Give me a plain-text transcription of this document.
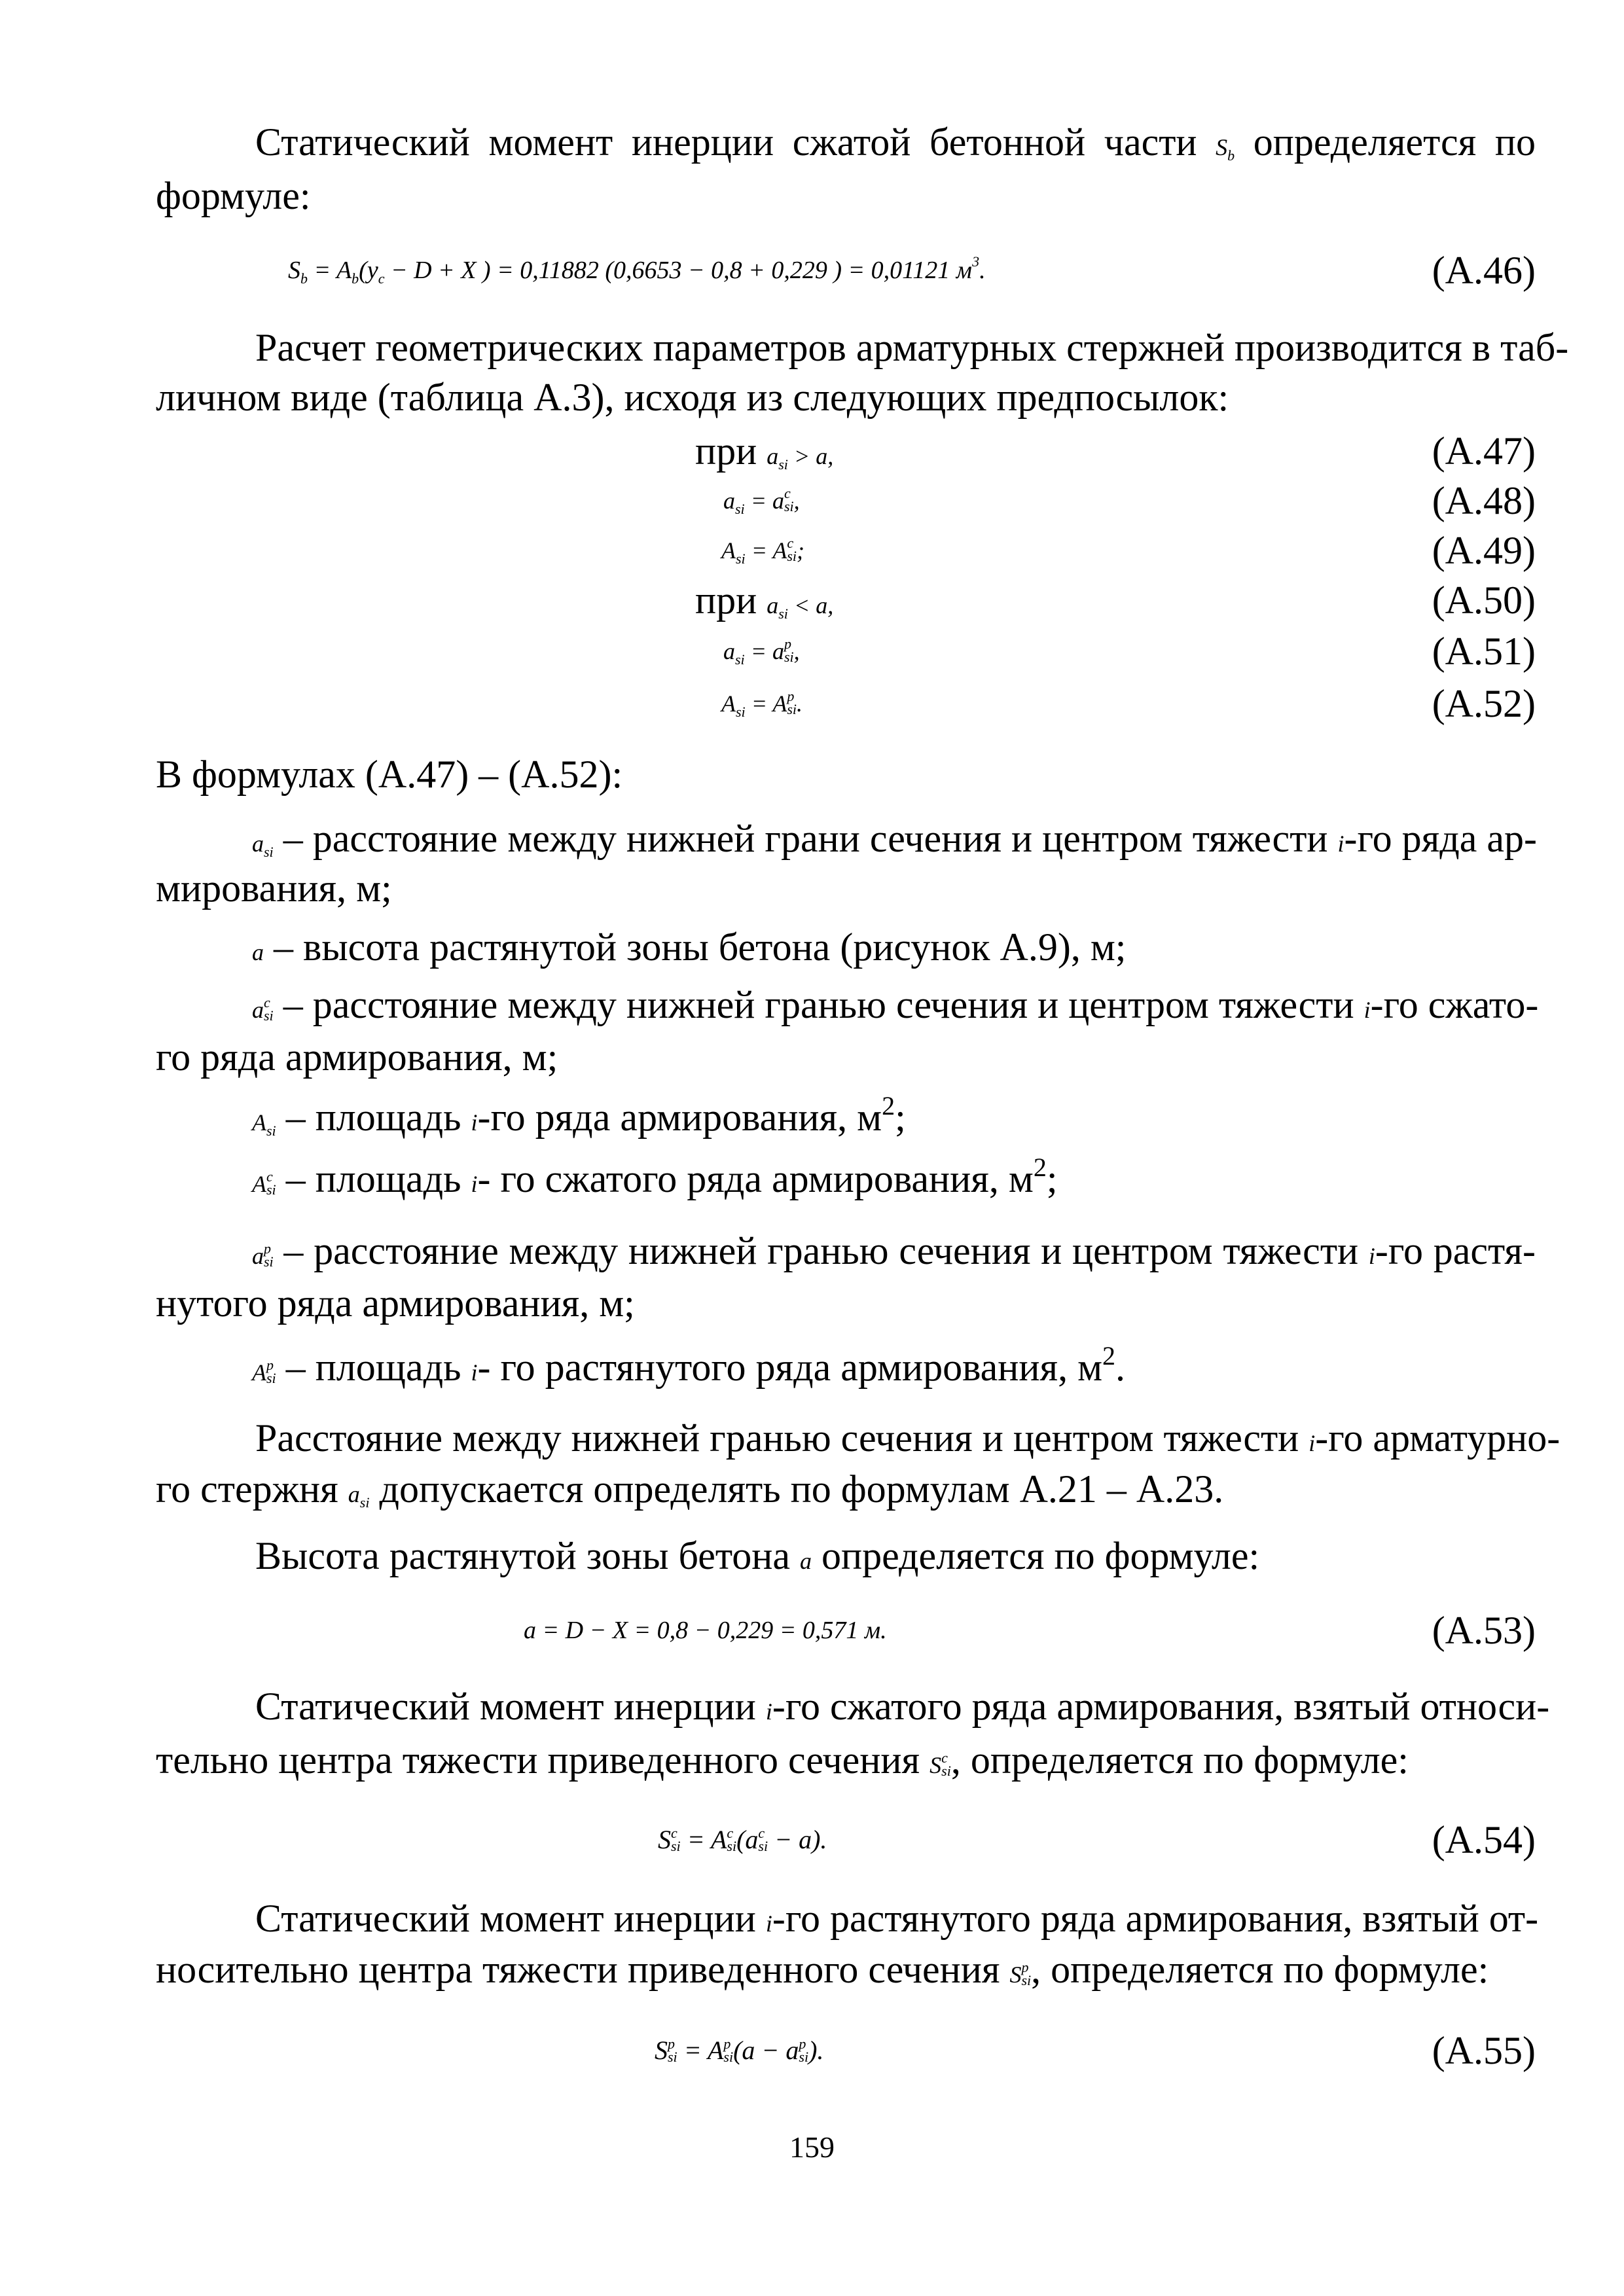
Статический момент инерции сжатой бетонной части $S_b$ определяется по
формуле:
$S_b = A_b(y_c - D + X$ ) = 0,11882 (0,6653 − 0,8 + 0,229 ) = 0,01121 $м^3$.	(А.46)
Расчет геометрических параметров арматурных стержней производится в таб-
личном виде (таблица А.3), исходя из следующих предпосылок:
при $a_{si} > a$,	(А.47)
$a_{si} = a$ c
si ,	(А.48)
$A_{si} = A$ c
si ;	(А.49)
при $a_{si} < a$,	(А.50)
$a_{si} = a$ p
si ,	(А.51)
$A_{si} = A$ p
si .	(А.52)
В формулах (А.47) – (А.52):
$a_{si}$ – расстояние между нижней грани сечения и центром тяжести i-го ряда ар-
мирования, м;
a – высота растянутой зоны бетона (рисунок А.9), м;
a c
si – расстояние между нижней гранью сечения и центром тяжести i-го сжато-
го ряда армирования, м;
$A_{si}$ – площадь i-го ряда армирования, $м^2$;
A c
si – площадь i- го сжатого ряда армирования, $м^2$;
a p
si – расстояние между нижней гранью сечения и центром тяжести i-го растя-
нутого ряда армирования, м;
A p
si – площадь i- го растянутого ряда армирования, $м^2$.
Расстояние между нижней гранью сечения и центром тяжести i-го арматурно-
го стержня $a_{si}$ допускается определять по формулам А.21 – А.23.
Высота растянутой зоны бетона a определяется по формуле:
a = D − X = 0,8 − 0,229 = 0,571 м.	(А.53)
Статический момент инерции i-го сжатого ряда армирования, взятый относи-
тельно центра тяжести приведенного сечения S c
si , определяется по формуле:
S c
si = A c
si (a c
si − a).	(А.54)
Статический момент инерции i-го растянутого ряда армирования, взятый от-
носительно центра тяжести приведенного сечения S p
si , определяется по формуле:
S p
si = A p
si (a − a p
si ).	(А.55)
159
